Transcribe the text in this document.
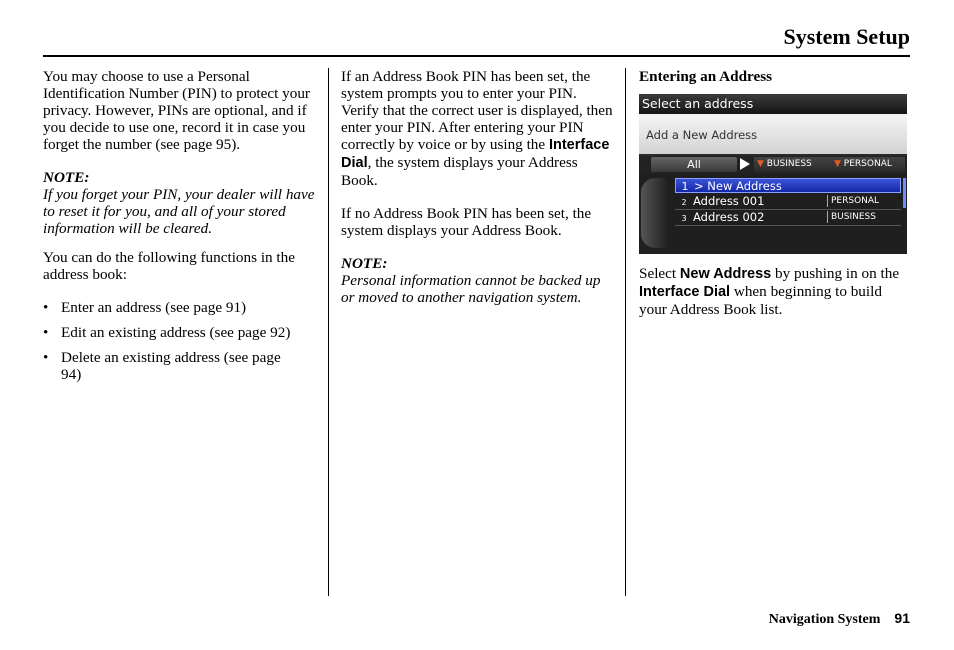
System Setup

You may choose to use a Personal Identification Number (PIN) to protect your privacy. However, PINs are optional, and if you decide to use one, record it in case you forget the number (see page 95).

NOTE:
If you forget your PIN, your dealer will have to reset it for you, and all of your stored information will be cleared.

You can do the following functions in the address book:

• Enter an address (see page 91)
• Edit an existing address (see page 92)
• Delete an existing address (see page 94)

If an Address Book PIN has been set, the system prompts you to enter your PIN. Verify that the correct user is displayed, then enter your PIN. After entering your PIN correctly by voice or by using the Interface Dial, the system displays your Address Book.

If no Address Book PIN has been set, the system displays your Address Book.

NOTE:
Personal information cannot be backed up or moved to another navigation system.
Entering an Address
Select an address
Add a New Address
All	▼ BUSINESS	▼ PERSONAL
1 > New Address
2 Address 001	PERSONAL
3 Address 002	BUSINESS

Select New Address by pushing in on the Interface Dial when beginning to build your Address Book list.

Navigation System 91
